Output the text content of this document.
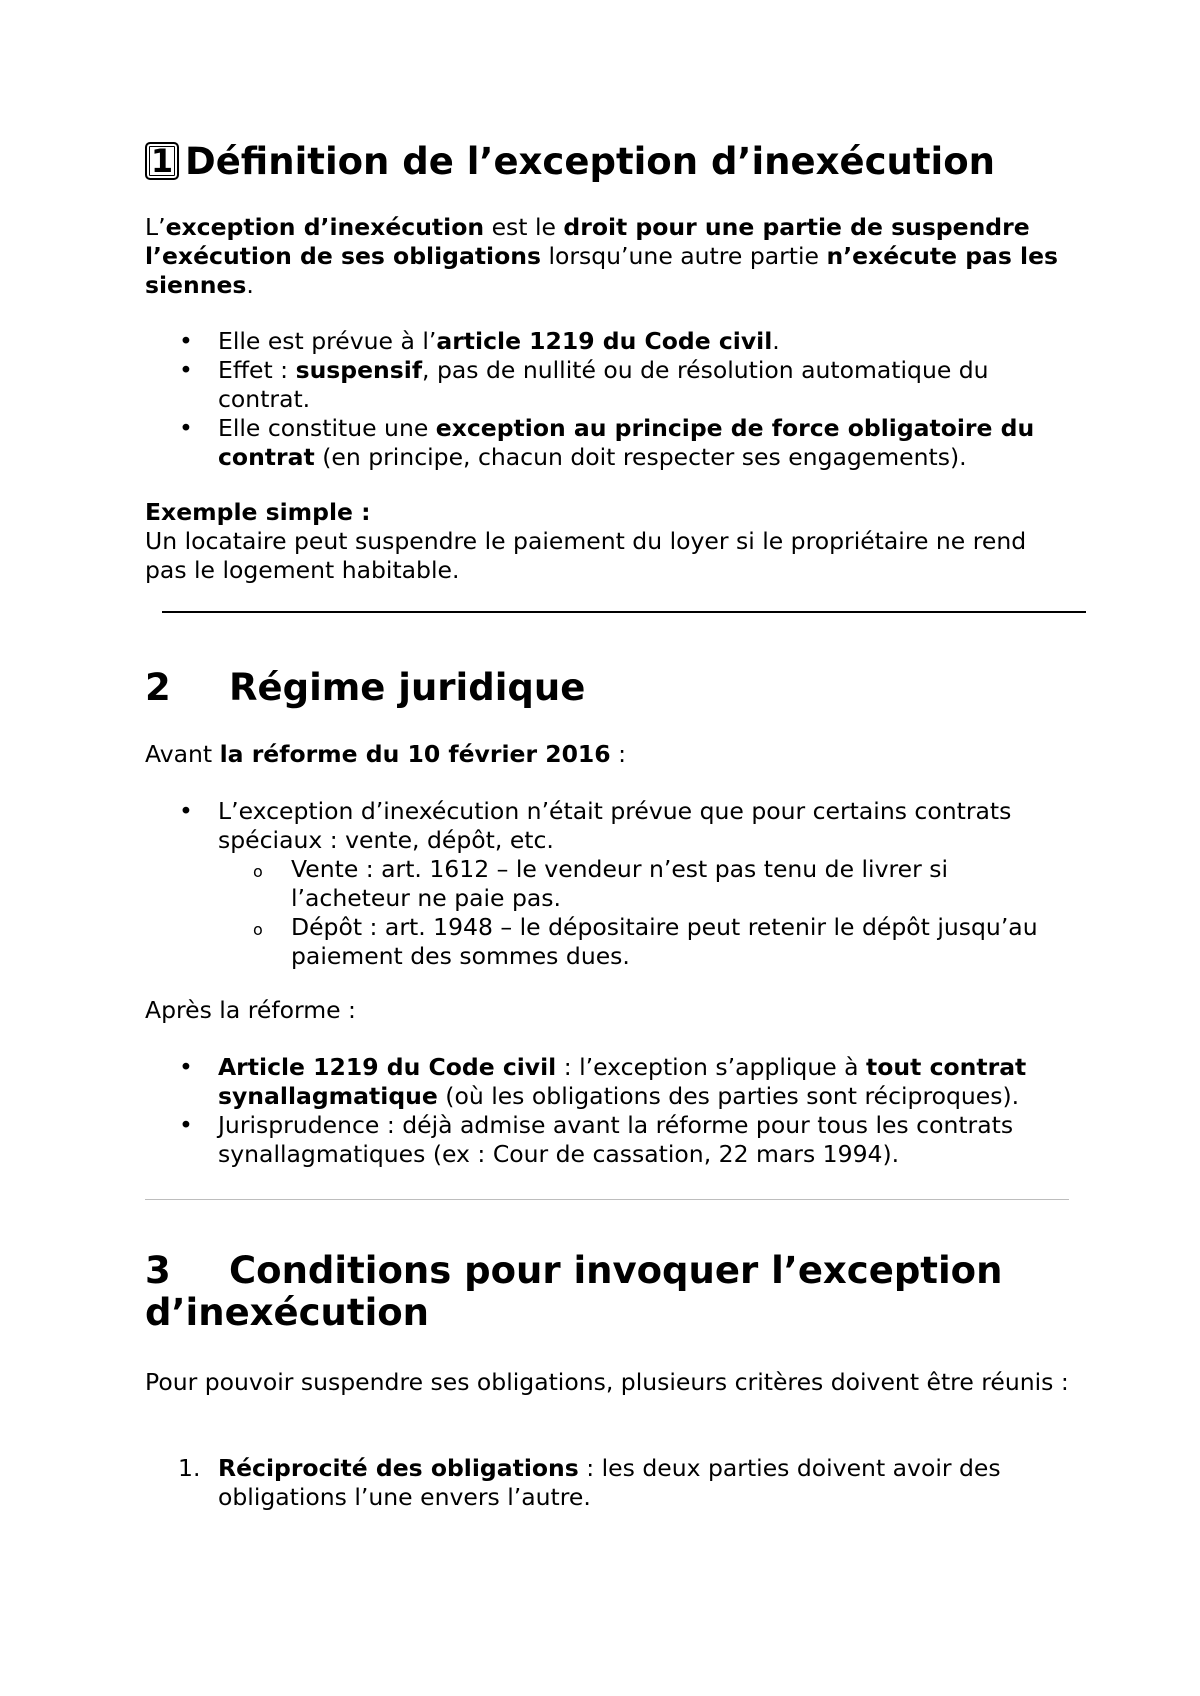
1 Définition de l’exception d’inexécution

L’exception d’inexécution est le droit pour une partie de suspendre l’exécution de ses obligations lorsqu’une autre partie n’exécute pas les siennes.

• Elle est prévue à l’article 1219 du Code civil.
• Effet : suspensif, pas de nullité ou de résolution automatique du contrat.
• Elle constitue une exception au principe de force obligatoire du contrat (en principe, chacun doit respecter ses engagements).

Exemple simple :
Un locataire peut suspendre le paiement du loyer si le propriétaire ne rend pas le logement habitable.

2 Régime juridique

Avant la réforme du 10 février 2016 :

• L’exception d’inexécution n’était prévue que pour certains contrats spéciaux : vente, dépôt, etc.
o Vente : art. 1612 – le vendeur n’est pas tenu de livrer si l’acheteur ne paie pas.
o Dépôt : art. 1948 – le dépositaire peut retenir le dépôt jusqu’au paiement des sommes dues.

Après la réforme :

• Article 1219 du Code civil : l’exception s’applique à tout contrat synallagmatique (où les obligations des parties sont réciproques).
• Jurisprudence : déjà admise avant la réforme pour tous les contrats synallagmatiques (ex : Cour de cassation, 22 mars 1994).
3 Conditions pour invoquer l’exception d’inexécution

Pour pouvoir suspendre ses obligations, plusieurs critères doivent être réunis :

1. Réciprocité des obligations : les deux parties doivent avoir des obligations l’une envers l’autre.
